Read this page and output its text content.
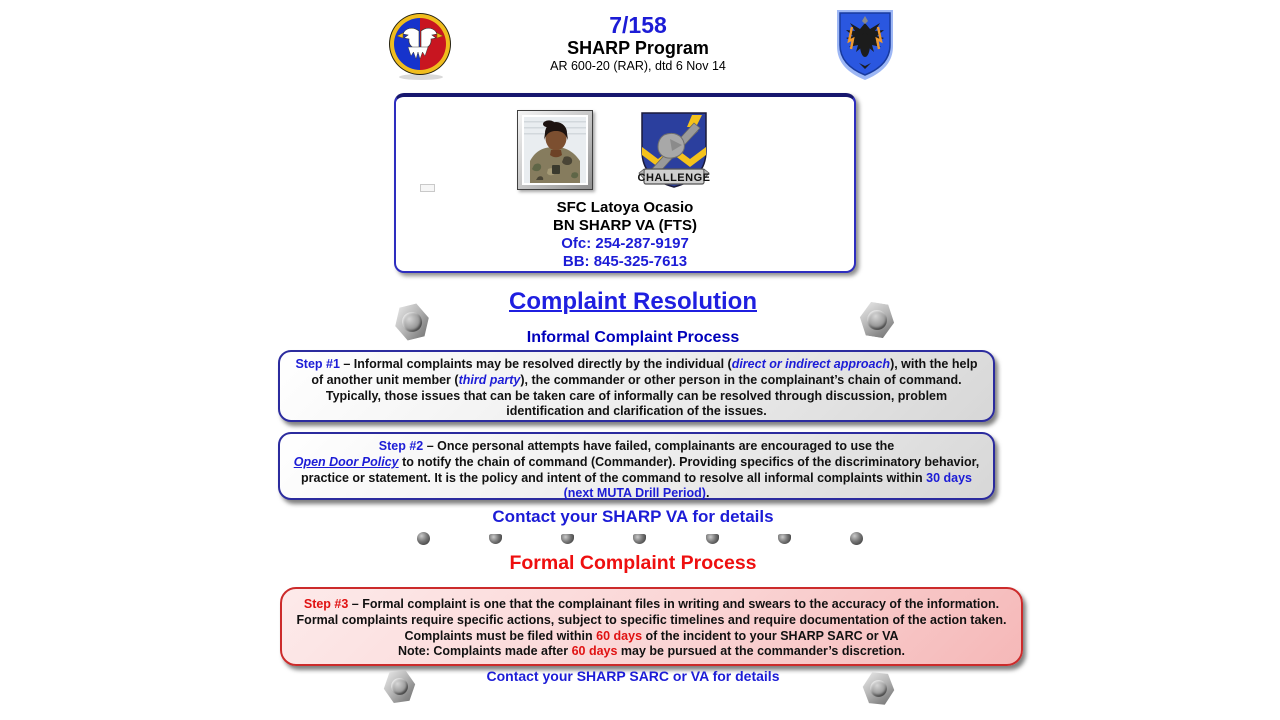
7/158
SHARP Program
AR 600-20 (RAR), dtd 6 Nov 14
CHALLENGE
SFC Latoya Ocasio
BN SHARP VA (FTS)
Ofc: 254-287-9197
BB: 845-325-7613
Complaint Resolution
Informal Complaint Process
Step #1 – Informal complaints may be resolved directly by the individual (direct or indirect approach), with the help of another unit member (third party), the commander or other person in the complainant’s chain of command. Typically, those issues that can be taken care of informally can be resolved through discussion, problem identification and clarification of the issues.
Step #2 – Once personal attempts have failed, complainants are encouraged to use the
Open Door Policy to notify the chain of command (Commander). Providing specifics of the discriminatory behavior, practice or statement. It is the policy and intent of the command to resolve all informal complaints within 30 days (next MUTA Drill Period).
Contact your SHARP VA for details
Formal Complaint Process
Step #3 – Formal complaint is one that the complainant files in writing and swears to the accuracy of the information. Formal complaints require specific actions, subject to specific timelines and require documentation of the action taken. Complaints must be filed within 60 days of the incident to your SHARP SARC or VA
Note: Complaints made after 60 days may be pursued at the commander’s discretion.
Contact your SHARP SARC or VA for details
